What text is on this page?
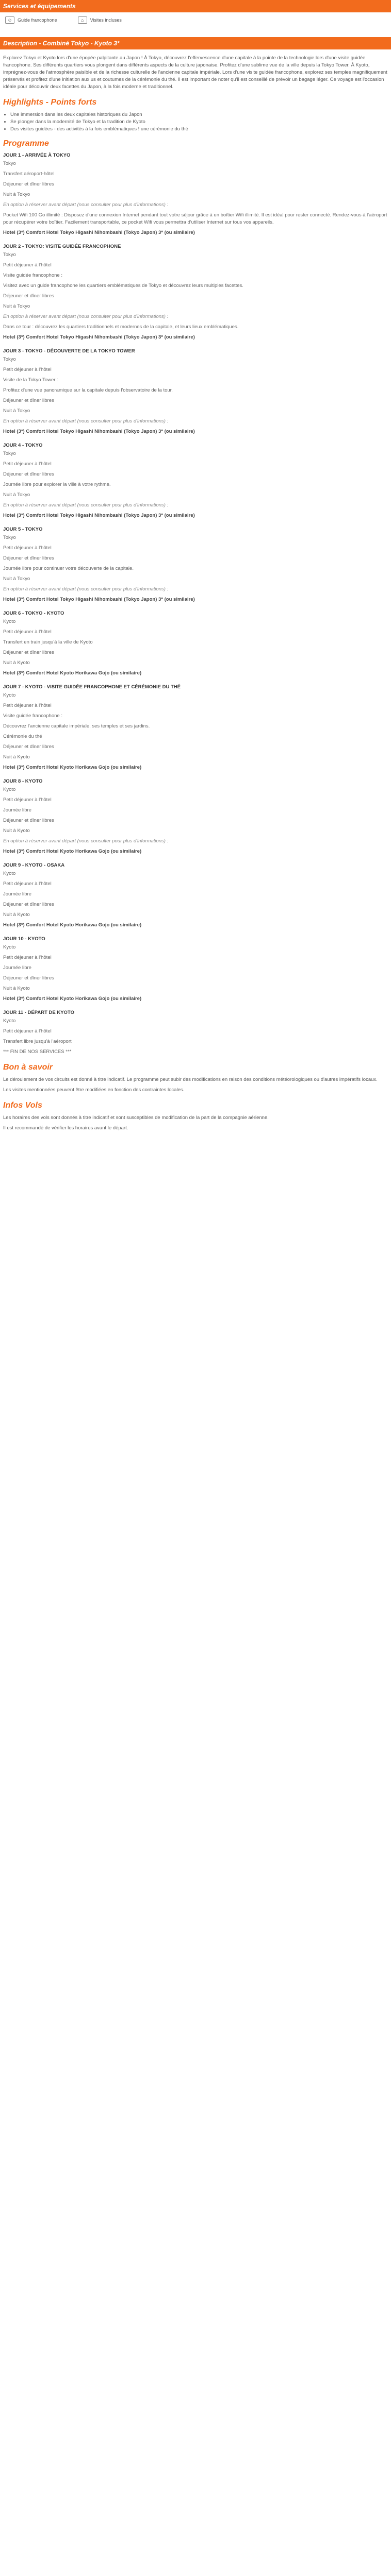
Services et équipements
☺	Guide francophone	⌂	Visites incluses
Description - Combiné Tokyo - Kyoto 3*

Explorez Tokyo et Kyoto lors d'une épopée palpitante au Japon ! À Tokyo, découvrez l'effervescence d'une capitale à la pointe de la technologie lors d'une visite guidée francophone. Ses différents quartiers vous plongent dans différents aspects de la culture japonaise. Profitez d'une sublime vue de la ville depuis la Tokyo Tower. À Kyoto, imprégnez-vous de l'atmosphère paisible et de la richesse culturelle de l'ancienne capitale impériale. Lors d'une visite guidée francophone, explorez ses temples magnifiquement préservés et profitez d'une initiation aux us et coutumes de la cérémonie du thé. Il est important de noter qu'il est conseillé de prévoir un bagage léger. Ce voyage est l'occasion idéale pour découvrir deux facettes du Japon, à la fois moderne et traditionnel.

Highlights - Points forts
• Une immersion dans les deux capitales historiques du Japon
• Se plonger dans la modernité de Tokyo et la tradition de Kyoto
• Des visites guidées - des activités à la fois emblématiques ! une cérémonie du thé
Programme
JOUR 1 - ARRIVÉE À TOKYO

Tokyo

Transfert aéroport-hôtel

Déjeuner et dîner libres

Nuit à Tokyo

En option à réserver avant départ (nous consulter pour plus d'informations) :

Pocket Wifi 100 Go illimité : Disposez d'une connexion Internet pendant tout votre séjour grâce à un boîtier Wifi illimité. Il est idéal pour rester connecté. Rendez-vous à l'aéroport pour récupérer votre boîtier. Facilement transportable, ce pocket Wifi vous permettra d'utiliser Internet sur tous vos appareils.

Hotel (3*) Comfort Hotel Tokyo Higashi Nihombashi (Tokyo Japon) 3* (ou similaire)

JOUR 2 - TOKYO: VISITE GUIDÉE FRANCOPHONE

Tokyo

Petit déjeuner à l'hôtel

Visite guidée francophone :

Visitez avec un guide francophone les quartiers emblématiques de Tokyo et découvrez leurs multiples facettes.

Déjeuner et dîner libres

Nuit à Tokyo

En option à réserver avant départ (nous consulter pour plus d'informations) :

Dans ce tour : découvrez les quartiers traditionnels et modernes de la capitale, et leurs lieux emblématiques.

Hotel (3*) Comfort Hotel Tokyo Higashi Nihombashi (Tokyo Japon) 3* (ou similaire)

JOUR 3 - TOKYO - DÉCOUVERTE DE LA TOKYO TOWER

Tokyo

Petit déjeuner à l'hôtel

Visite de la Tokyo Tower :

Profitez d'une vue panoramique sur la capitale depuis l'observatoire de la tour.

Déjeuner et dîner libres

Nuit à Tokyo

En option à réserver avant départ (nous consulter pour plus d'informations) :

Hotel (3*) Comfort Hotel Tokyo Higashi Nihombashi (Tokyo Japon) 3* (ou similaire)

JOUR 4 - TOKYO

Tokyo

Petit déjeuner à l'hôtel

Déjeuner et dîner libres

Journée libre pour explorer la ville à votre rythme.

Nuit à Tokyo

En option à réserver avant départ (nous consulter pour plus d'informations) :

Hotel (3*) Comfort Hotel Tokyo Higashi Nihombashi (Tokyo Japon) 3* (ou similaire)

JOUR 5 - TOKYO

Tokyo

Petit déjeuner à l'hôtel

Déjeuner et dîner libres

Journée libre pour continuer votre découverte de la capitale.

Nuit à Tokyo

En option à réserver avant départ (nous consulter pour plus d'informations) :

Hotel (3*) Comfort Hotel Tokyo Higashi Nihombashi (Tokyo Japon) 3* (ou similaire)

JOUR 6 - TOKYO - KYOTO

Kyoto

Petit déjeuner à l'hôtel

Transfert en train jusqu'à la ville de Kyoto

Déjeuner et dîner libres

Nuit à Kyoto

Hotel (3*) Comfort Hotel Kyoto Horikawa Gojo (ou similaire)

JOUR 7 - KYOTO - VISITE GUIDÉE FRANCOPHONE ET CÉRÉMONIE DU THÉ

Kyoto

Petit déjeuner à l'hôtel

Visite guidée francophone :

Découvrez l'ancienne capitale impériale, ses temples et ses jardins.

Cérémonie du thé

Déjeuner et dîner libres

Nuit à Kyoto

Hotel (3*) Comfort Hotel Kyoto Horikawa Gojo (ou similaire)

JOUR 8 - KYOTO

Kyoto

Petit déjeuner à l'hôtel

Journée libre

Déjeuner et dîner libres

Nuit à Kyoto

En option à réserver avant départ (nous consulter pour plus d'informations) :

Hotel (3*) Comfort Hotel Kyoto Horikawa Gojo (ou similaire)

JOUR 9 - KYOTO - OSAKA

Kyoto

Petit déjeuner à l'hôtel

Journée libre

Déjeuner et dîner libres

Nuit à Kyoto

Hotel (3*) Comfort Hotel Kyoto Horikawa Gojo (ou similaire)

JOUR 10 - KYOTO

Kyoto

Petit déjeuner à l'hôtel

Journée libre

Déjeuner et dîner libres

Nuit à Kyoto

Hotel (3*) Comfort Hotel Kyoto Horikawa Gojo (ou similaire)

JOUR 11 - DÉPART DE KYOTO

Kyoto

Petit déjeuner à l'hôtel

Transfert libre jusqu'à l'aéroport

*** FIN DE NOS SERVICES ***

Bon à savoir

Le déroulement de vos circuits est donné à titre indicatif. Le programme peut subir des modifications en raison des conditions météorologiques ou d'autres impératifs locaux.

Les visites mentionnées peuvent être modifiées en fonction des contraintes locales.

Infos Vols

Les horaires des vols sont donnés à titre indicatif et sont susceptibles de modification de la part de la compagnie aérienne.

Il est recommandé de vérifier les horaires avant le départ.
